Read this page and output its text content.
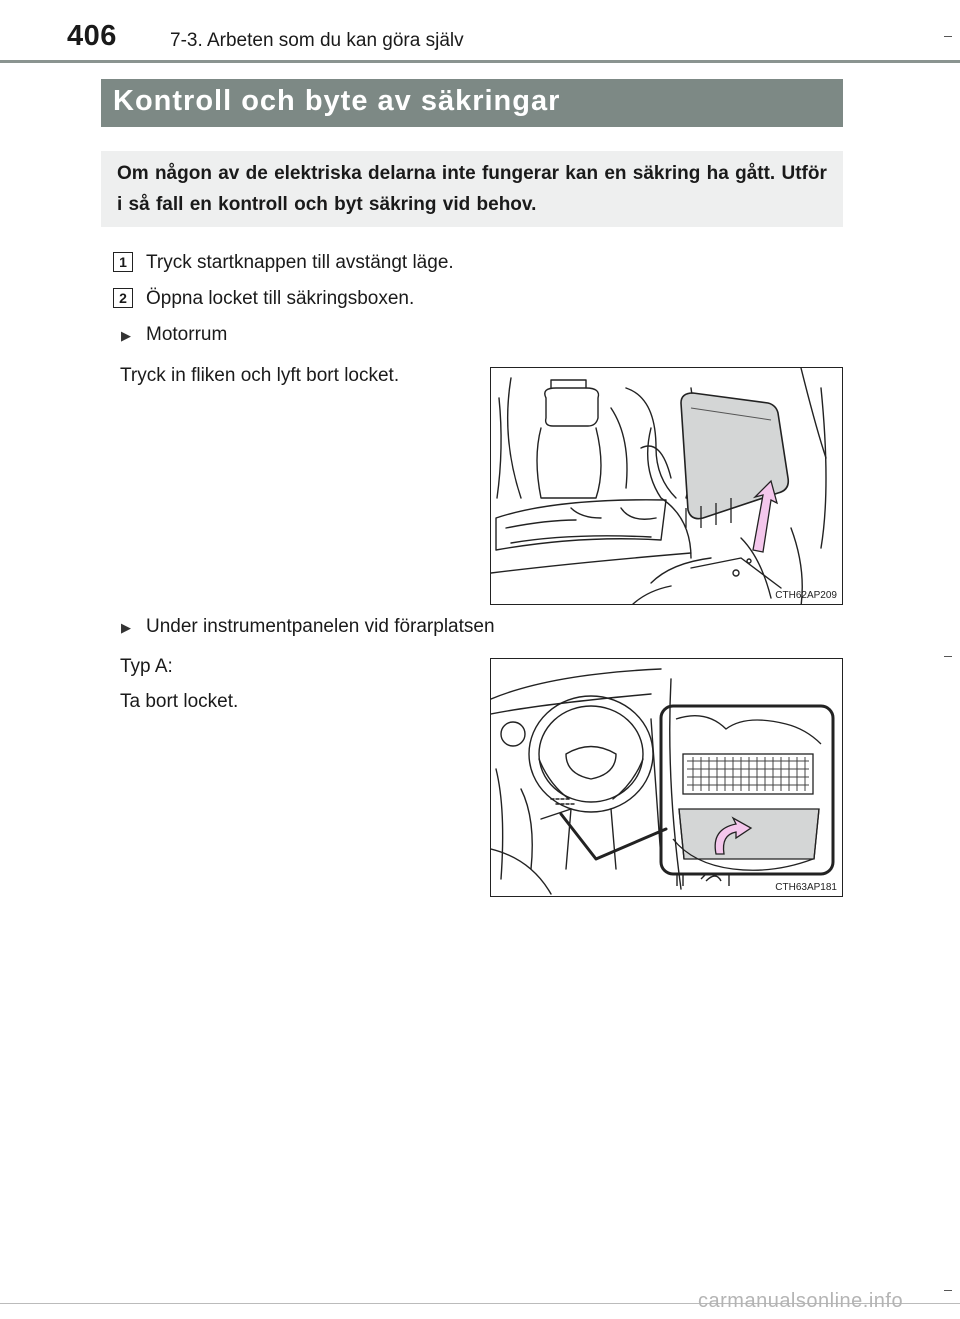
406	7-3. Arbeten som du kan göra själv
Kontroll och byte av säkringar
Om någon av de elektriska delarna inte fungerar kan en säkring ha gått. Utför i så fall en kontroll och byt säkring vid behov.
1	Tryck startknappen till avstängt läge.
2	Öppna locket till säkringsboxen.
▶ Motorrum
Tryck in fliken och lyft bort locket.
CTH62AP209
▶ Under instrumentpanelen vid förarplatsen
Typ A:
Ta bort locket.
CTH63AP181
carmanualsonline.info
